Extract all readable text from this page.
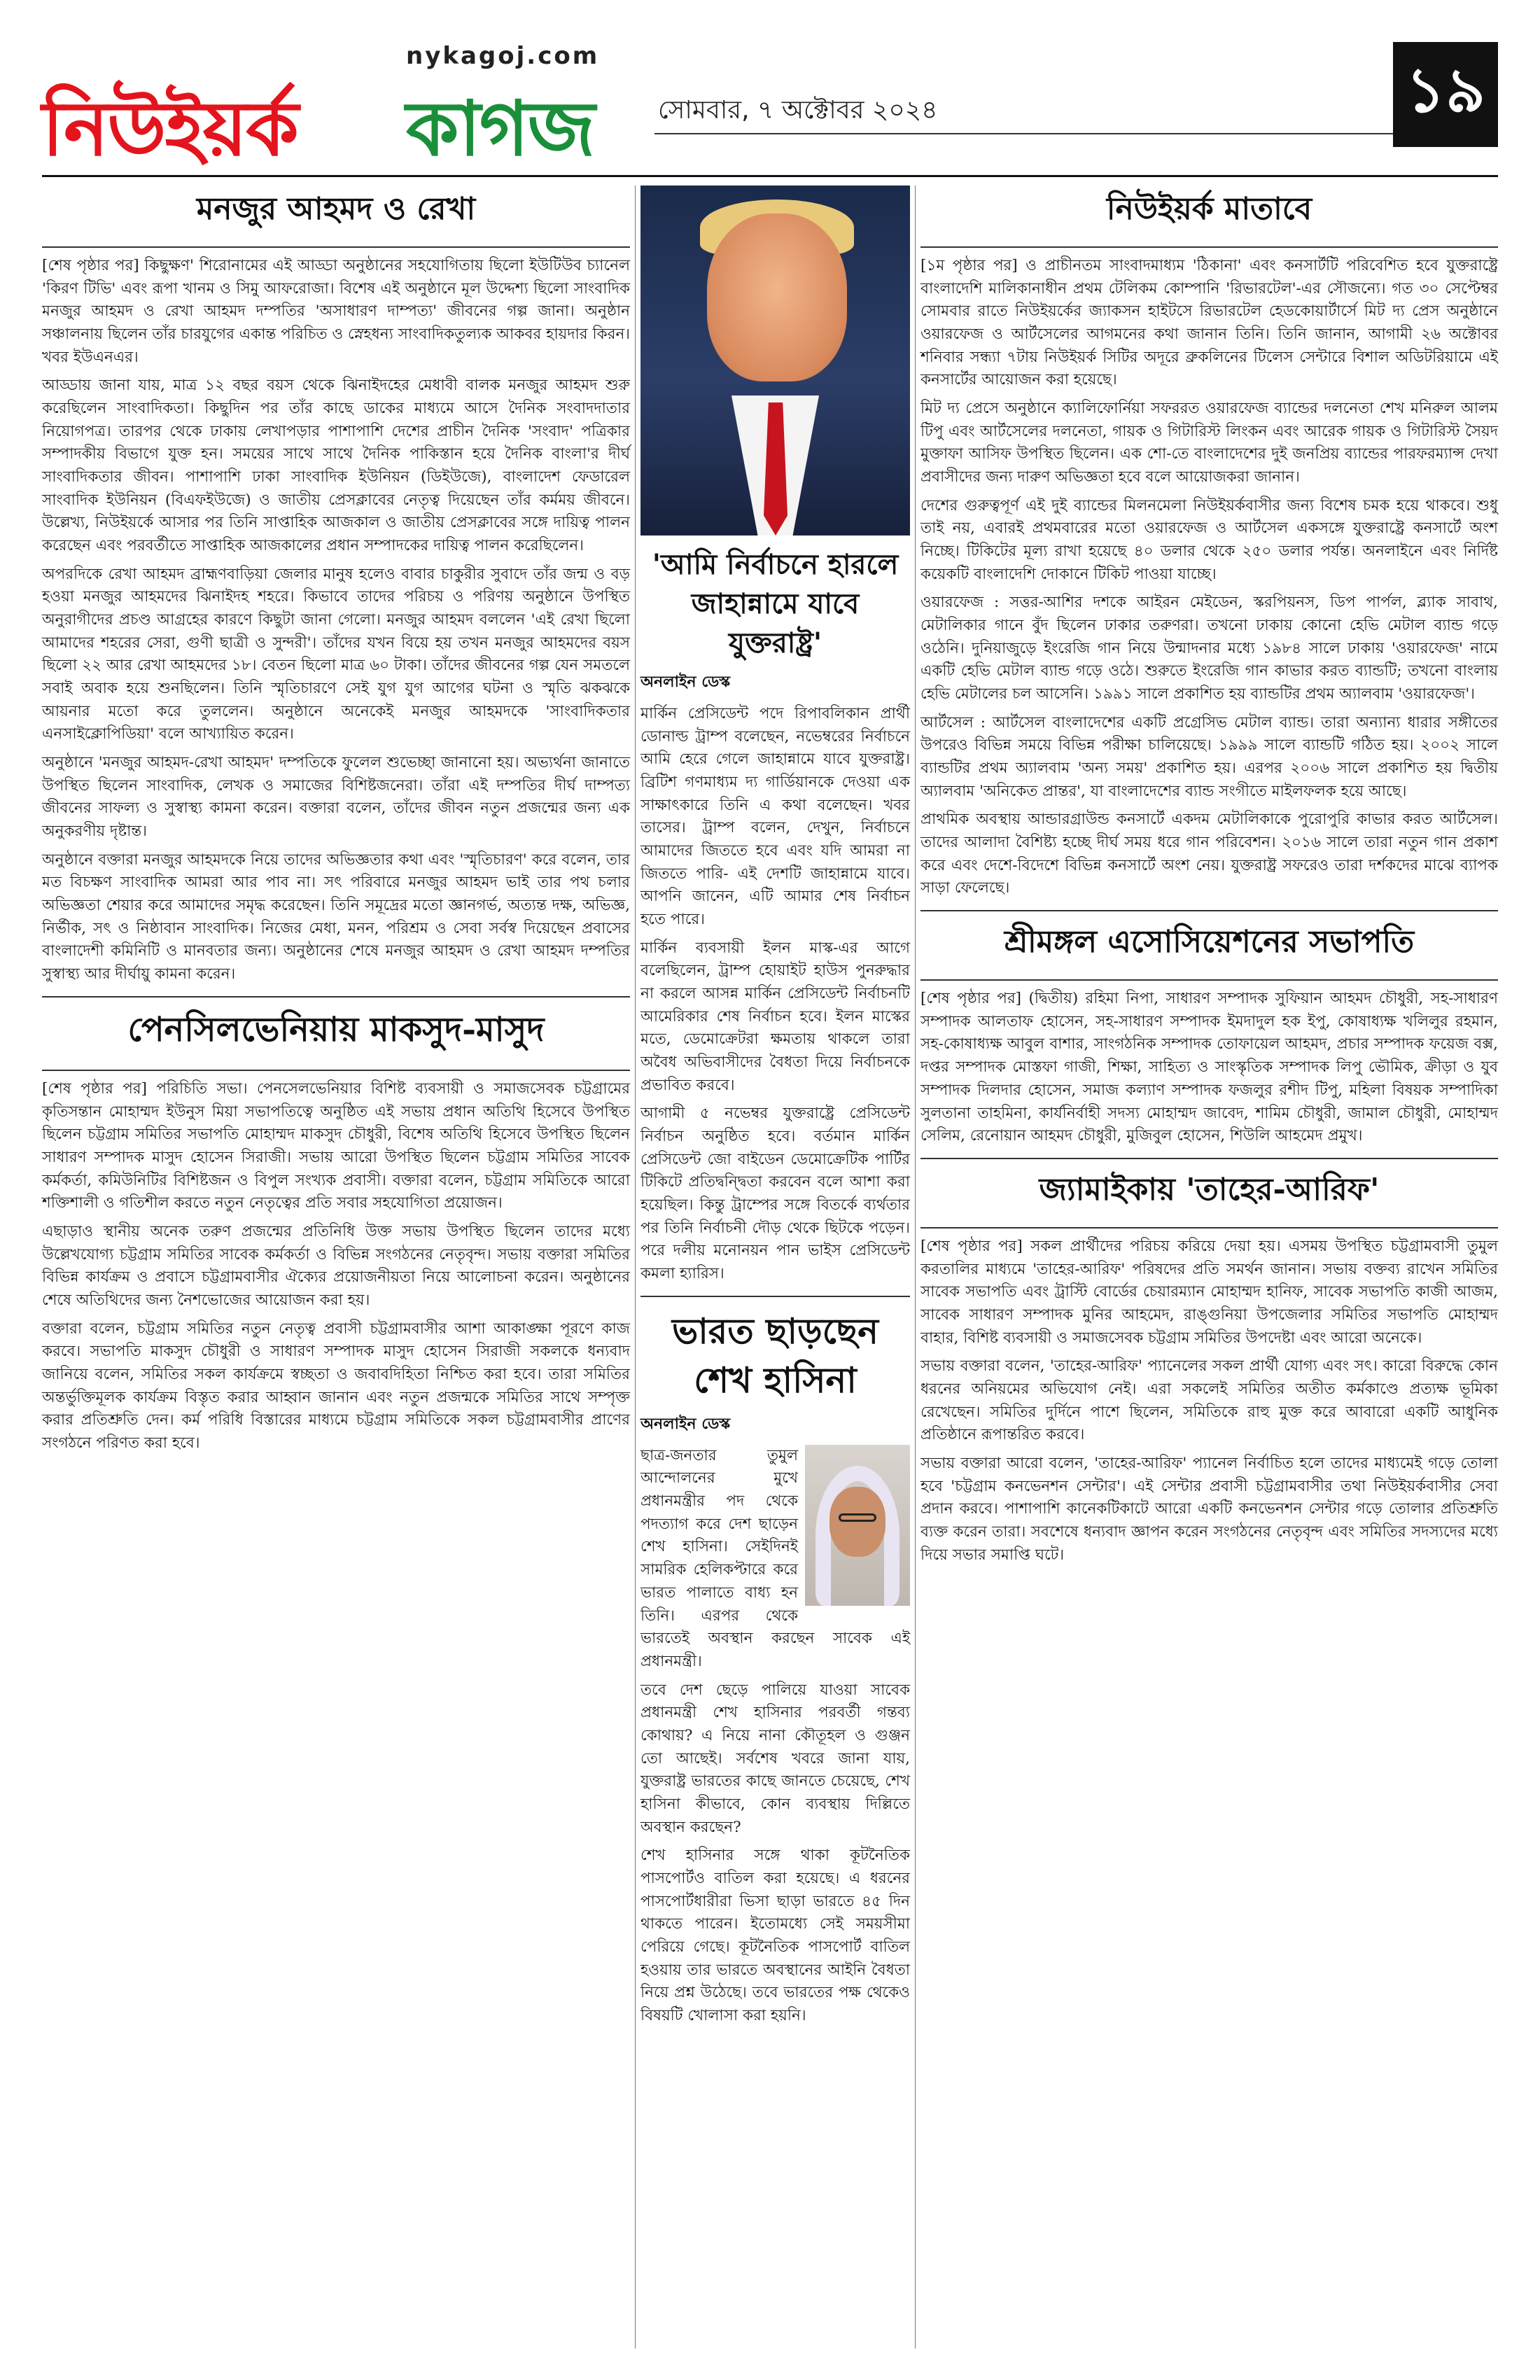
nykagoj.com
নিউইয়র্ক কাগজ	সোমবার, ৭ অক্টোবর ২০২৪	১৯
মনজুর আহমদ ও রেখা

[শেষ পৃষ্ঠার পর] কিছুক্ষণ' শিরোনামের এই আড্ডা অনুষ্ঠানের সহযোগিতায় ছিলো ইউটিউব চ্যানেল 'কিরণ টিভি' এবং রূপা খানম ও সিমু আফরোজা। বিশেষ এই অনুষ্ঠানে মূল উদ্দেশ্য ছিলো সাংবাদিক মনজুর আহমদ ও রেখা আহমদ দম্পতির 'অসাধারণ দাম্পত্য' জীবনের গল্প জানা। অনুষ্ঠান সঞ্চালনায় ছিলেন তাঁর চারযুগের একান্ত পরিচিত ও স্নেহধন্য সাংবাদিকতুল্যক আকবর হায়দার কিরন। খবর ইউএনএর।

আড্ডায় জানা যায়, মাত্র ১২ বছর বয়স থেকে ঝিনাইদহের মেধাবী বালক মনজুর আহমদ শুরু করেছিলেন সাংবাদিকতা। কিছুদিন পর তাঁর কাছে ডাকের মাধ্যমে আসে দৈনিক সংবাদদাতার নিয়োগপত্র। তারপর থেকে ঢাকায় লেখাপড়ার পাশাপাশি দেশের প্রাচীন দৈনিক 'সংবাদ' পত্রিকার সম্পাদকীয় বিভাগে যুক্ত হন। সময়ের সাথে সাথে দৈনিক পাকিস্তান হয়ে দৈনিক বাংলা'র দীর্ঘ সাংবাদিকতার জীবন। পাশাপাশি ঢাকা সাংবাদিক ইউনিয়ন (ডিইউজে), বাংলাদেশ ফেডারেল সাংবাদিক ইউনিয়ন (বিএফইউজে) ও জাতীয় প্রেসক্লাবের নেতৃত্ব দিয়েছেন তাঁর কর্মময় জীবনে। উল্লেখ্য, নিউইয়র্কে আসার পর তিনি সাপ্তাহিক আজকাল ও জাতীয় প্রেসক্লাবের সঙ্গে দায়িত্ব পালন করেছেন এবং পরবর্তীতে সাপ্তাহিক আজকালের প্রধান সম্পাদকের দায়িত্ব পালন করেছিলেন।

অপরদিকে রেখা আহমদ ব্রাহ্মণবাড়িয়া জেলার মানুষ হলেও বাবার চাকুরীর সুবাদে তাঁর জন্ম ও বড় হওয়া মনজুর আহমদের ঝিনাইদহ শহরে। কিভাবে তাদের পরিচয় ও পরিণয় অনুষ্ঠানে উপস্থিত অনুরাগীদের প্রচণ্ড আগ্রহের কারণে কিছুটা জানা গেলো। মনজুর আহমদ বললেন 'এই রেখা ছিলো আমাদের শহরের সেরা, গুণী ছাত্রী ও সুন্দরী'। তাঁদের যখন বিয়ে হয় তখন মনজুর আহমদের বয়স ছিলো ২২ আর রেখা আহমদের ১৮। বেতন ছিলো মাত্র ৬০ টাকা। তাঁদের জীবনের গল্প যেন সমতলে সবাই অবাক হয়ে শুনছিলেন। তিনি স্মৃতিচারণে সেই যুগ যুগ আগের ঘটনা ও স্মৃতি ঝকঝকে আয়নার মতো করে তুললেন। অনুষ্ঠানে অনেকেই মনজুর আহমদকে 'সাংবাদিকতার এনসাইক্লোপিডিয়া' বলে আখ্যায়িত করেন।

অনুষ্ঠানে 'মনজুর আহমদ-রেখা আহমদ' দম্পতিকে ফুলেল শুভেচ্ছা জানানো হয়। অভ্যর্থনা জানাতে উপস্থিত ছিলেন সাংবাদিক, লেখক ও সমাজের বিশিষ্টজনেরা। তাঁরা এই দম্পতির দীর্ঘ দাম্পত্য জীবনের সাফল্য ও সুস্বাস্থ্য কামনা করেন। বক্তারা বলেন, তাঁদের জীবন নতুন প্রজন্মের জন্য এক অনুকরণীয় দৃষ্টান্ত।

অনুষ্ঠানে বক্তারা মনজুর আহমদকে নিয়ে তাদের অভিজ্ঞতার কথা এবং 'স্মৃতিচারণ' করে বলেন, তার মত বিচক্ষণ সাংবাদিক আমরা আর পাব না। সৎ পরিবারে মনজুর আহমদ ভাই তার পথ চলার অভিজ্ঞতা শেয়ার করে আমাদের সমৃদ্ধ করেছেন। তিনি সমূদ্রের মতো জ্ঞানগর্ভ, অত্যন্ত দক্ষ, অভিজ্ঞ, নির্ভীক, সৎ ও নিষ্ঠাবান সাংবাদিক। নিজের মেধা, মনন, পরিশ্রম ও সেবা সর্বস্ব দিয়েছেন প্রবাসের বাংলাদেশী কমিনিটি ও মানবতার জন্য। অনুষ্ঠানের শেষে মনজুর আহমদ ও রেখা আহমদ দম্পতির সুস্বাস্থ্য আর দীর্ঘায়ু কামনা করেন।

পেনসিলভেনিয়ায় মাকসুদ-মাসুদ

[শেষ পৃষ্ঠার পর] পরিচিতি সভা। পেনসেলভেনিয়ার বিশিষ্ট ব্যবসায়ী ও সমাজসেবক চট্টগ্রামের কৃতিসন্তান মোহাম্মদ ইউনুস মিয়া সভাপতিত্বে অনুষ্ঠিত এই সভায় প্রধান অতিথি হিসেবে উপস্থিত ছিলেন চট্টগ্রাম সমিতির সভাপতি মোহাম্মদ মাকসুদ চৌধুরী, বিশেষ অতিথি হিসেবে উপস্থিত ছিলেন সাধারণ সম্পাদক মাসুদ হোসেন সিরাজী। সভায় আরো উপস্থিত ছিলেন চট্টগ্রাম সমিতির সাবেক কর্মকর্তা, কমিউনিটির বিশিষ্টজন ও বিপুল সংখ্যক প্রবাসী। বক্তারা বলেন, চট্টগ্রাম সমিতিকে আরো শক্তিশালী ও গতিশীল করতে নতুন নেতৃত্বের প্রতি সবার সহযোগিতা প্রয়োজন।

এছাড়াও স্থানীয় অনেক তরুণ প্রজন্মের প্রতিনিধি উক্ত সভায় উপস্থিত ছিলেন তাদের মধ্যে উল্লেখযোগ্য চট্টগ্রাম সমিতির সাবেক কর্মকর্তা ও বিভিন্ন সংগঠনের নেতৃবৃন্দ। সভায় বক্তারা সমিতির বিভিন্ন কার্যক্রম ও প্রবাসে চট্টগ্রামবাসীর ঐক্যের প্রয়োজনীয়তা নিয়ে আলোচনা করেন। অনুষ্ঠানের শেষে অতিথিদের জন্য নৈশভোজের আয়োজন করা হয়।

বক্তারা বলেন, চট্টগ্রাম সমিতির নতুন নেতৃত্ব প্রবাসী চট্টগ্রামবাসীর আশা আকাঙ্ক্ষা পূরণে কাজ করবে। সভাপতি মাকসুদ চৌধুরী ও সাধারণ সম্পাদক মাসুদ হোসেন সিরাজী সকলকে ধন্যবাদ জানিয়ে বলেন, সমিতির সকল কার্যক্রমে স্বচ্ছতা ও জবাবদিহিতা নিশ্চিত করা হবে। তারা সমিতির অন্তর্ভুক্তিমূলক কার্যক্রম বিস্তৃত করার আহ্বান জানান এবং নতুন প্রজন্মকে সমিতির সাথে সম্পৃক্ত করার প্রতিশ্রুতি দেন। কর্ম পরিধি বিস্তারের মাধ্যমে চট্টগ্রাম সমিতিকে সকল চট্টগ্রামবাসীর প্রাণের সংগঠনে পরিণত করা হবে।

'আমি নির্বাচনে হারলে জাহান্নামে যাবে যুক্তরাষ্ট্র'
অনলাইন ডেস্ক

মার্কিন প্রেসিডেন্ট পদে রিপাবলিকান প্রার্থী ডোনাল্ড ট্রাম্প বলেছেন, নভেম্বরের নির্বাচনে আমি হেরে গেলে জাহান্নামে যাবে যুক্তরাষ্ট্র। ব্রিটিশ গণমাধ্যম দ্য গার্ডিয়ানকে দেওয়া এক সাক্ষাৎকারে তিনি এ কথা বলেছেন। খবর তাসের। ট্রাম্প বলেন, দেখুন, নির্বাচনে আমাদের জিততে হবে এবং যদি আমরা না জিততে পারি- এই দেশটি জাহান্নামে যাবে। আপনি জানেন, এটি আমার শেষ নির্বাচন হতে পারে।

মার্কিন ব্যবসায়ী ইলন মাস্ক-এর আগে বলেছিলেন, ট্রাম্প হোয়াইট হাউস পুনরুদ্ধার না করলে আসন্ন মার্কিন প্রেসিডেন্ট নির্বাচনটি আমেরিকার শেষ নির্বাচন হবে। ইলন মাস্কের মতে, ডেমোক্রেটরা ক্ষমতায় থাকলে তারা অবৈধ অভিবাসীদের বৈধতা দিয়ে নির্বাচনকে প্রভাবিত করবে।

আগামী ৫ নভেম্বর যুক্তরাষ্ট্রে প্রেসিডেন্ট নির্বাচন অনুষ্ঠিত হবে। বর্তমান মার্কিন প্রেসিডেন্ট জো বাইডেন ডেমোক্রেটিক পার্টির টিকিটে প্রতিদ্বন্দ্বিতা করবেন বলে আশা করা হয়েছিল। কিন্তু ট্রাম্পের সঙ্গে বিতর্কে ব্যর্থতার পর তিনি নির্বাচনী দৌড় থেকে ছিটকে পড়েন। পরে দলীয় মনোনয়ন পান ভাইস প্রেসিডেন্ট কমলা হ্যারিস।

ভারত ছাড়ছেন শেখ হাসিনা
অনলাইন ডেস্ক

ছাত্র-জনতার তুমুল আন্দোলনের মুখে প্রধানমন্ত্রীর পদ থেকে পদত্যাগ করে দেশ ছাড়েন শেখ হাসিনা। সেইদিনই সামরিক হেলিকপ্টারে করে ভারত পালাতে বাধ্য হন তিনি। এরপর থেকে ভারতেই অবস্থান করছেন সাবেক এই প্রধানমন্ত্রী।

তবে দেশ ছেড়ে পালিয়ে যাওয়া সাবেক প্রধানমন্ত্রী শেখ হাসিনার পরবর্তী গন্তব্য কোথায়? এ নিয়ে নানা কৌতূহল ও গুঞ্জন তো আছেই। সর্বশেষ খবরে জানা যায়, যুক্তরাষ্ট্র ভারতের কাছে জানতে চেয়েছে, শেখ হাসিনা কীভাবে, কোন ব্যবস্থায় দিল্লিতে অবস্থান করছেন?

শেখ হাসিনার সঙ্গে থাকা কূটনৈতিক পাসপোর্টও বাতিল করা হয়েছে। এ ধরনের পাসপোর্টধারীরা ভিসা ছাড়া ভারতে ৪৫ দিন থাকতে পারেন। ইতোমধ্যে সেই সময়সীমা পেরিয়ে গেছে। কূটনৈতিক পাসপোর্ট বাতিল হওয়ায় তার ভারতে অবস্থানের আইনি বৈধতা নিয়ে প্রশ্ন উঠেছে। তবে ভারতের পক্ষ থেকেও বিষয়টি খোলাসা করা হয়নি।

নিউইয়র্ক মাতাবে

[১ম পৃষ্ঠার পর] ও প্রাচীনতম সাংবাদমাধ্যম 'ঠিকানা' এবং কনসার্টটি পরিবেশিত হবে যুক্তরাষ্ট্রে বাংলাদেশি মালিকানাধীন প্রথম টেলিকম কোম্পানি 'রিভারটেল'-এর সৌজন্যে। গত ৩০ সেপ্টেম্বর সোমবার রাতে নিউইয়র্কের জ্যাকসন হাইটসে রিভারটেল হেডকোয়ার্টার্সে মিট দ্য প্রেস অনুষ্ঠানে ওয়ারফেজ ও আর্টসেলের আগমনের কথা জানান তিনি। তিনি জানান, আগামী ২৬ অক্টোবর শনিবার সন্ধ্যা ৭টায় নিউইয়র্ক সিটির অদূরে ব্রুকলিনের টিলেস সেন্টারে বিশাল অডিটরিয়ামে এই কনসার্টের আয়োজন করা হয়েছে।

মিট দ্য প্রেসে অনুষ্ঠানে ক্যালিফোর্নিয়া সফররত ওয়ারফেজ ব্যান্ডের দলনেতা শেখ মনিরুল আলম টিপু এবং আর্টসেলের দলনেতা, গায়ক ও গিটারিস্ট লিংকন এবং আরেক গায়ক ও গিটারিস্ট সৈয়দ মুক্তাফা আসিফ উপস্থিত ছিলেন। এক শো-তে বাংলাদেশের দুই জনপ্রিয় ব্যান্ডের পারফরম্যান্স দেখা প্রবাসীদের জন্য দারুণ অভিজ্ঞতা হবে বলে আয়োজকরা জানান।

দেশের গুরুত্বপূর্ণ এই দুই ব্যান্ডের মিলনমেলা নিউইয়র্কবাসীর জন্য বিশেষ চমক হয়ে থাকবে। শুধু তাই নয়, এবারই প্রথমবারের মতো ওয়ারফেজ ও আর্টসেল একসঙ্গে যুক্তরাষ্ট্রে কনসার্টে অংশ নিচ্ছে। টিকিটের মূল্য রাখা হয়েছে ৪০ ডলার থেকে ২৫০ ডলার পর্যন্ত। অনলাইনে এবং নির্দিষ্ট কয়েকটি বাংলাদেশি দোকানে টিকিট পাওয়া যাচ্ছে।

ওয়ারফেজ : সত্তর-আশির দশকে আইরন মেইডেন, স্করপিয়নস, ডিপ পার্পল, ব্ল্যাক সাবাথ, মেটালিকার গানে বুঁদ ছিলেন ঢাকার তরুণরা। তখনো ঢাকায় কোনো হেভি মেটাল ব্যান্ড গড়ে ওঠেনি। দুনিয়াজুড়ে ইংরেজি গান নিয়ে উন্মাদনার মধ্যে ১৯৮৪ সালে ঢাকায় 'ওয়ারফেজ' নামে একটি হেভি মেটাল ব্যান্ড গড়ে ওঠে। শুরুতে ইংরেজি গান কাভার করত ব্যান্ডটি; তখনো বাংলায় হেভি মেটালের চল আসেনি। ১৯৯১ সালে প্রকাশিত হয় ব্যান্ডটির প্রথম অ্যালবাম 'ওয়ারফেজ'।

আর্টসেল : আর্টসেল বাংলাদেশের একটি প্রগ্রেসিভ মেটাল ব্যান্ড। তারা অন্যান্য ধারার সঙ্গীতের উপরেও বিভিন্ন সময়ে বিভিন্ন পরীক্ষা চালিয়েছে। ১৯৯৯ সালে ব্যান্ডটি গঠিত হয়। ২০০২ সালে ব্যান্ডটির প্রথম অ্যালবাম 'অন্য সময়' প্রকাশিত হয়। এরপর ২০০৬ সালে প্রকাশিত হয় দ্বিতীয় অ্যালবাম 'অনিকেত প্রান্তর', যা বাংলাদেশের ব্যান্ড সংগীতে মাইলফলক হয়ে আছে।

প্রাথমিক অবস্থায় আন্ডারগ্রাউন্ড কনসার্টে একদম মেটালিকাকে পুরোপুরি কাভার করত আর্টসেল। তাদের আলাদা বৈশিষ্ট্য হচ্ছে দীর্ঘ সময় ধরে গান পরিবেশন। ২০১৬ সালে তারা নতুন গান প্রকাশ করে এবং দেশে-বিদেশে বিভিন্ন কনসার্টে অংশ নেয়। যুক্তরাষ্ট্র সফরেও তারা দর্শকদের মাঝে ব্যাপক সাড়া ফেলেছে।

শ্রীমঙ্গল এসোসিয়েশনের সভাপতি

[শেষ পৃষ্ঠার পর] (দ্বিতীয়) রহিমা নিপা, সাধারণ সম্পাদক সুফিয়ান আহমদ চৌধুরী, সহ-সাধারণ সম্পাদক আলতাফ হোসেন, সহ-সাধারণ সম্পাদক ইমদাদুল হক ইপু, কোষাধ্যক্ষ খলিলুর রহমান, সহ-কোষাধ্যক্ষ আবুল বাশার, সাংগঠনিক সম্পাদক তোফায়েল আহমদ, প্রচার সম্পাদক ফয়েজ বক্স, দপ্তর সম্পাদক মোস্তফা গাজী, শিক্ষা, সাহিত্য ও সাংস্কৃতিক সম্পাদক লিপু ভৌমিক, ক্রীড়া ও যুব সম্পাদক দিলদার হোসেন, সমাজ কল্যাণ সম্পাদক ফজলুর রশীদ টিপু, মহিলা বিষয়ক সম্পাদিকা সুলতানা তাহমিনা, কার্যনির্বাহী সদস্য মোহাম্মদ জাবেদ, শামিম চৌধুরী, জামাল চৌধুরী, মোহাম্মদ সেলিম, রেনোয়ান আহমদ চৌধুরী, মুজিবুল হোসেন, শিউলি আহমেদ প্রমুখ।

জ্যামাইকায় 'তাহের-আরিফ'

[শেষ পৃষ্ঠার পর] সকল প্রার্থীদের পরিচয় করিয়ে দেয়া হয়। এসময় উপস্থিত চট্টগ্রামবাসী তুমুল করতালির মাধ্যমে 'তাহের-আরিফ' পরিষদের প্রতি সমর্থন জানান। সভায় বক্তব্য রাখেন সমিতির সাবেক সভাপতি এবং ট্রাস্টি বোর্ডের চেয়ারম্যান মোহাম্মদ হানিফ, সাবেক সভাপতি কাজী আজম, সাবেক সাধারণ সম্পাদক মুনির আহমেদ, রাঙ্গুনিয়া উপজেলার সমিতির সভাপতি মোহাম্মদ বাহার, বিশিষ্ট ব্যবসায়ী ও সমাজসেবক চট্টগ্রাম সমিতির উপদেষ্টা এবং আরো অনেকে।

সভায় বক্তারা বলেন, 'তাহের-আরিফ' প্যানেলের সকল প্রার্থী যোগ্য এবং সৎ। কারো বিরুদ্ধে কোন ধরনের অনিয়মের অভিযোগ নেই। এরা সকলেই সমিতির অতীত কর্মকাণ্ডে প্রত্যক্ষ ভূমিকা রেখেছেন। সমিতির দুর্দিনে পাশে ছিলেন, সমিতিকে রাহু মুক্ত করে আবারো একটি আধুনিক প্রতিষ্ঠানে রূপান্তরিত করবে।

সভায় বক্তারা আরো বলেন, 'তাহের-আরিফ' প্যানেল নির্বাচিত হলে তাদের মাধ্যমেই গড়ে তোলা হবে 'চট্টগ্রাম কনভেনশন সেন্টার'। এই সেন্টার প্রবাসী চট্টগ্রামবাসীর তথা নিউইয়র্কবাসীর সেবা প্রদান করবে। পাশাপাশি কানেকটিকাটে আরো একটি কনভেনশন সেন্টার গড়ে তোলার প্রতিশ্রুতি ব্যক্ত করেন তারা। সবশেষে ধন্যবাদ জ্ঞাপন করেন সংগঠনের নেতৃবৃন্দ এবং সমিতির সদস্যদের মধ্যে দিয়ে সভার সমাপ্তি ঘটে।
